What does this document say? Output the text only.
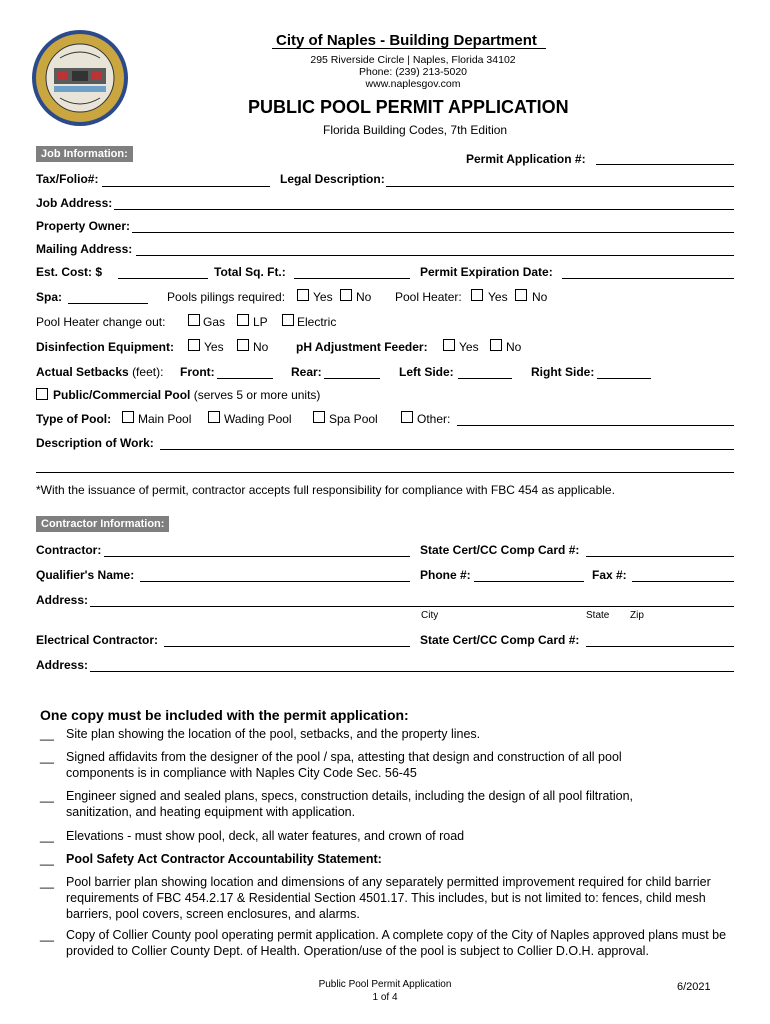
City of Naples - Building Department
295 Riverside Circle | Naples, Florida 34102
Phone: (239) 213-5020
www.naplesgov.com
PUBLIC POOL PERMIT APPLICATION
Florida Building Codes, 7th Edition
Job Information:	Permit Application #:
Tax/Folio#:	Legal Description:
Job Address:
Property Owner:
Mailing Address:
Est. Cost: $	Total Sq. Ft.:	Permit Expiration Date:
Spa:	Pools pilings required: Yes No Pool Heater: Yes No
Pool Heater change out:	Gas LP Electric
Disinfection Equipment:	Yes No pH Adjustment Feeder:	Yes No
Actual Setbacks (feet): Front:	Rear:	Left Side:	Right Side:
Public/Commercial Pool (serves 5 or more units)
Type of Pool: Main Pool	Wading Pool	Spa Pool	Other:
Description of Work:
*With the issuance of permit, contractor accepts full responsibility for compliance with FBC 454 as applicable.
Contractor Information:
Contractor:	State Cert/CC Comp Card #:
Qualifier's Name:	Phone #:	Fax #:
Address:
City	State Zip
Electrical Contractor:	State Cert/CC Comp Card #:
Address:
One copy must be included with the permit application:
__ Site plan showing the location of the pool, setbacks, and the property lines.
__ Signed affidavits from the designer of the pool / spa, attesting that design and construction of all pool components is in compliance with Naples City Code Sec. 56-45
__ Engineer signed and sealed plans, specs, construction details, including the design of all pool filtration, sanitization, and heating equipment with application.
__ Elevations - must show pool, deck, all water features, and crown of road
__ Pool Safety Act Contractor Accountability Statement:
__ Pool barrier plan showing location and dimensions of any separately permitted improvement required for child barrier requirements of FBC 454.2.17 & Residential Section 4501.17. This includes, but is not limited to: fences, child mesh barriers, pool covers, screen enclosures, and alarms.
__ Copy of Collier County pool operating permit application. A complete copy of the City of Naples approved plans must be provided to Collier County Dept. of Health. Operation/use of the pool is subject to Collier D.O.H. approval.
Public Pool Permit Application
1 of 4
6/2021
